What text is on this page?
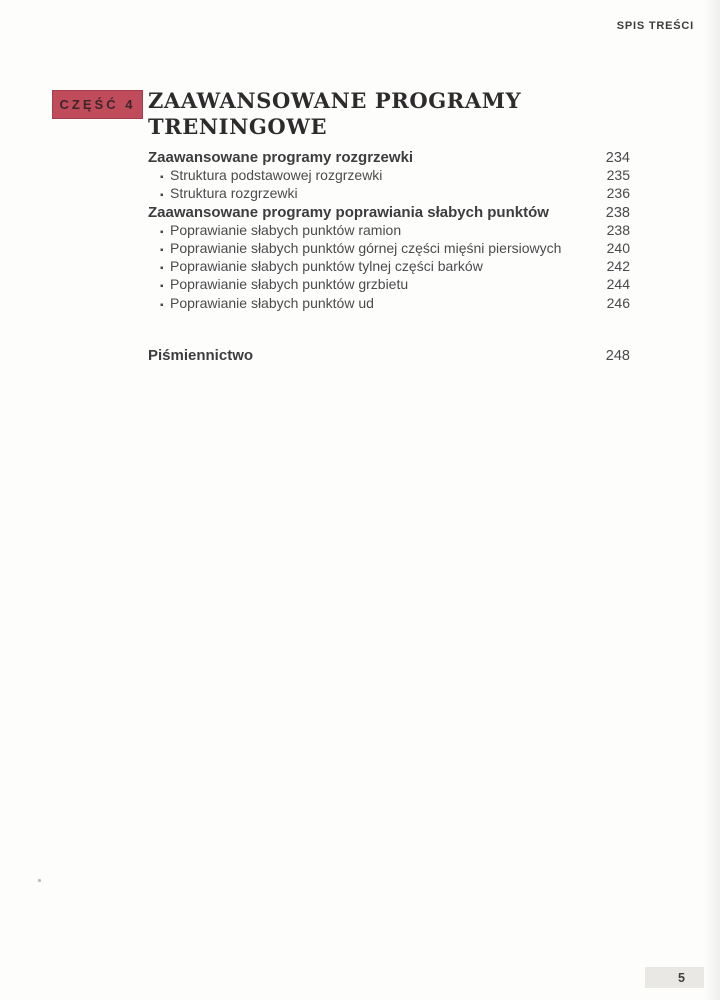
SPIS TREŚCI
CZĘŚĆ 4 ZAAWANSOWANE PROGRAMY
TRENINGOWE
Zaawansowane programy rozgrzewki	234
▪ Struktura podstawowej rozgrzewki	235
▪ Struktura rozgrzewki	236
Zaawansowane programy poprawiania słabych punktów	238
▪ Poprawianie słabych punktów ramion	238
▪ Poprawianie słabych punktów górnej części mięśni piersiowych	240
▪ Poprawianie słabych punktów tylnej części barków	242
▪ Poprawianie słabych punktów grzbietu	244
▪ Poprawianie słabych punktów ud	246
Piśmiennictwo	248
5
